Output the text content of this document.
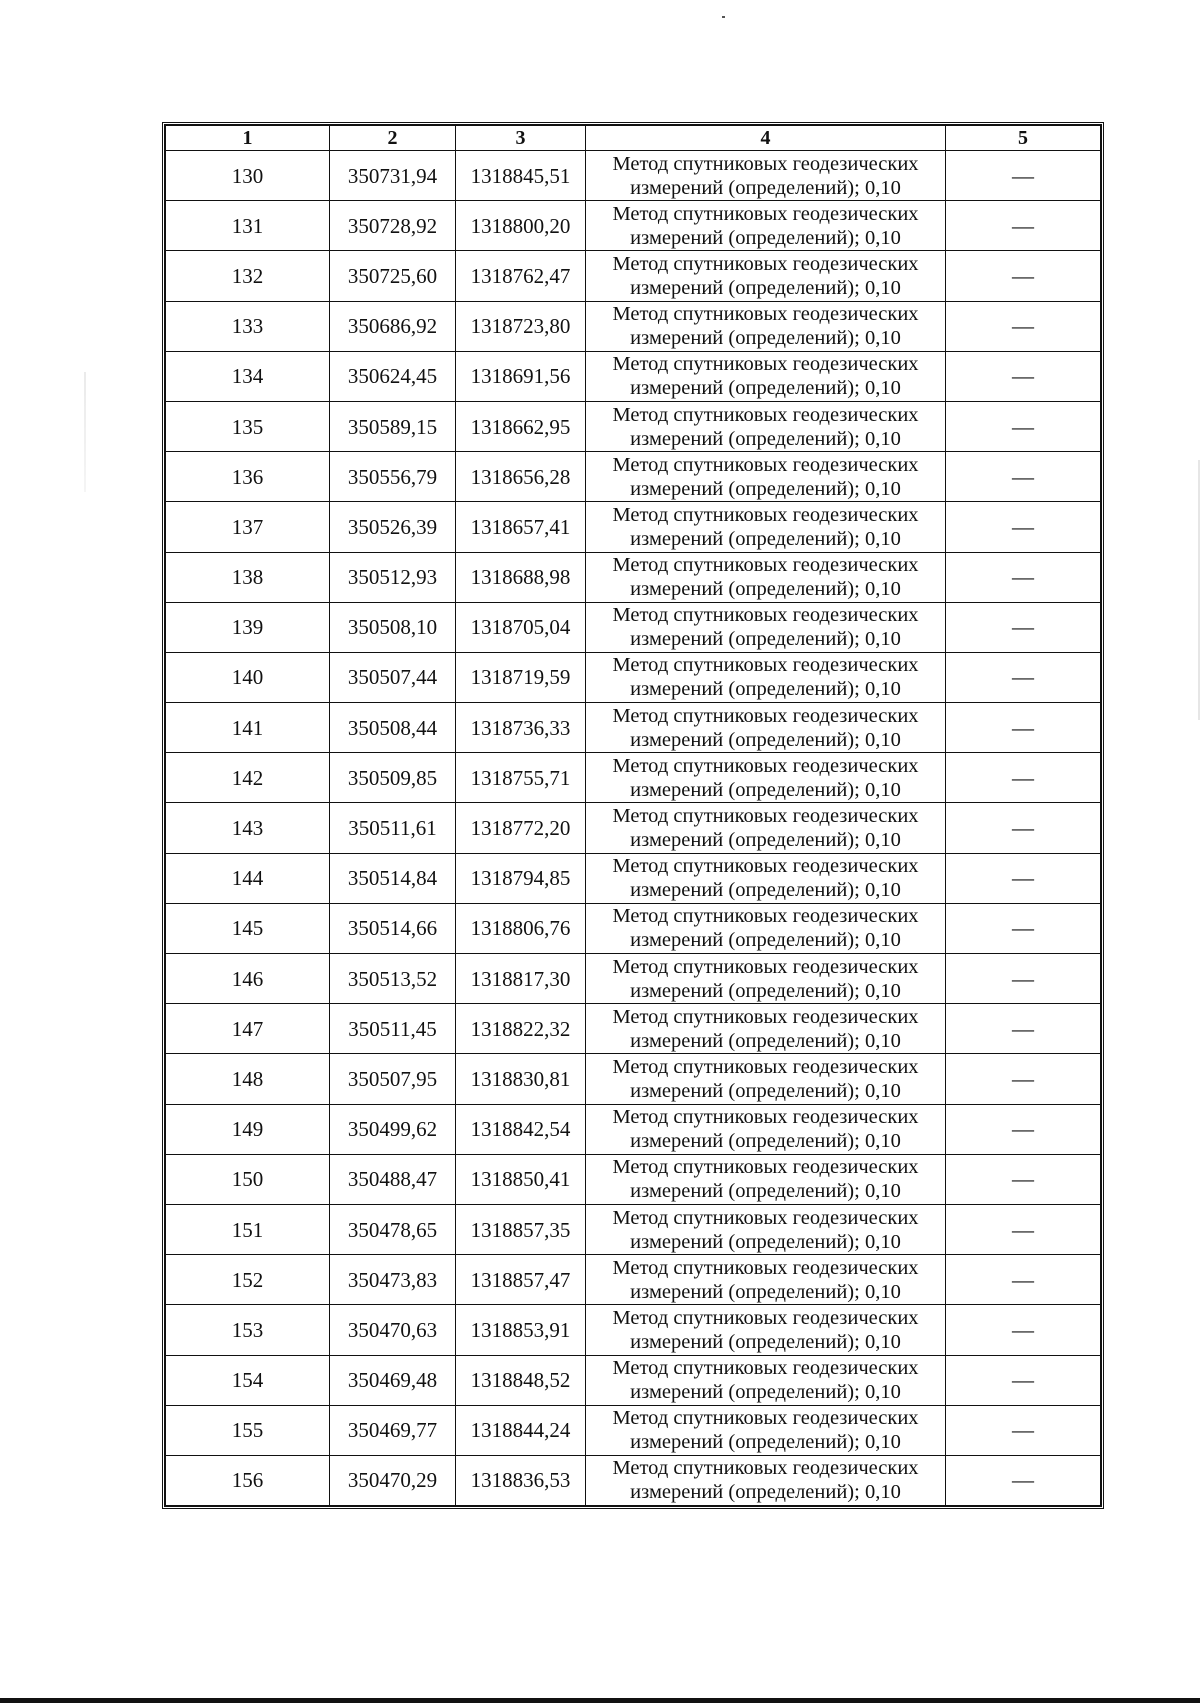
1	2	3	4	5
130	350731,94	1318845,51	Метод спутниковых геодезических
измерений (определений); 0,10	—
131	350728,92	1318800,20	Метод спутниковых геодезических
измерений (определений); 0,10	—
132	350725,60	1318762,47	Метод спутниковых геодезических
измерений (определений); 0,10	—
133	350686,92	1318723,80	Метод спутниковых геодезических
измерений (определений); 0,10	—
134	350624,45	1318691,56	Метод спутниковых геодезических
измерений (определений); 0,10	—
135	350589,15	1318662,95	Метод спутниковых геодезических
измерений (определений); 0,10	—
136	350556,79	1318656,28	Метод спутниковых геодезических
измерений (определений); 0,10	—
137	350526,39	1318657,41	Метод спутниковых геодезических
измерений (определений); 0,10	—
138	350512,93	1318688,98	Метод спутниковых геодезических
измерений (определений); 0,10	—
139	350508,10	1318705,04	Метод спутниковых геодезических
измерений (определений); 0,10	—
140	350507,44	1318719,59	Метод спутниковых геодезических
измерений (определений); 0,10	—
141	350508,44	1318736,33	Метод спутниковых геодезических
измерений (определений); 0,10	—
142	350509,85	1318755,71	Метод спутниковых геодезических
измерений (определений); 0,10	—
143	350511,61	1318772,20	Метод спутниковых геодезических
измерений (определений); 0,10	—
144	350514,84	1318794,85	Метод спутниковых геодезических
измерений (определений); 0,10	—
145	350514,66	1318806,76	Метод спутниковых геодезических
измерений (определений); 0,10	—
146	350513,52	1318817,30	Метод спутниковых геодезических
измерений (определений); 0,10	—
147	350511,45	1318822,32	Метод спутниковых геодезических
измерений (определений); 0,10	—
148	350507,95	1318830,81	Метод спутниковых геодезических
измерений (определений); 0,10	—
149	350499,62	1318842,54	Метод спутниковых геодезических
измерений (определений); 0,10	—
150	350488,47	1318850,41	Метод спутниковых геодезических
измерений (определений); 0,10	—
151	350478,65	1318857,35	Метод спутниковых геодезических
измерений (определений); 0,10	—
152	350473,83	1318857,47	Метод спутниковых геодезических
измерений (определений); 0,10	—
153	350470,63	1318853,91	Метод спутниковых геодезических
измерений (определений); 0,10	—
154	350469,48	1318848,52	Метод спутниковых геодезических
измерений (определений); 0,10	—
155	350469,77	1318844,24	Метод спутниковых геодезических
измерений (определений); 0,10	—
156	350470,29	1318836,53	Метод спутниковых геодезических
измерений (определений); 0,10	—
